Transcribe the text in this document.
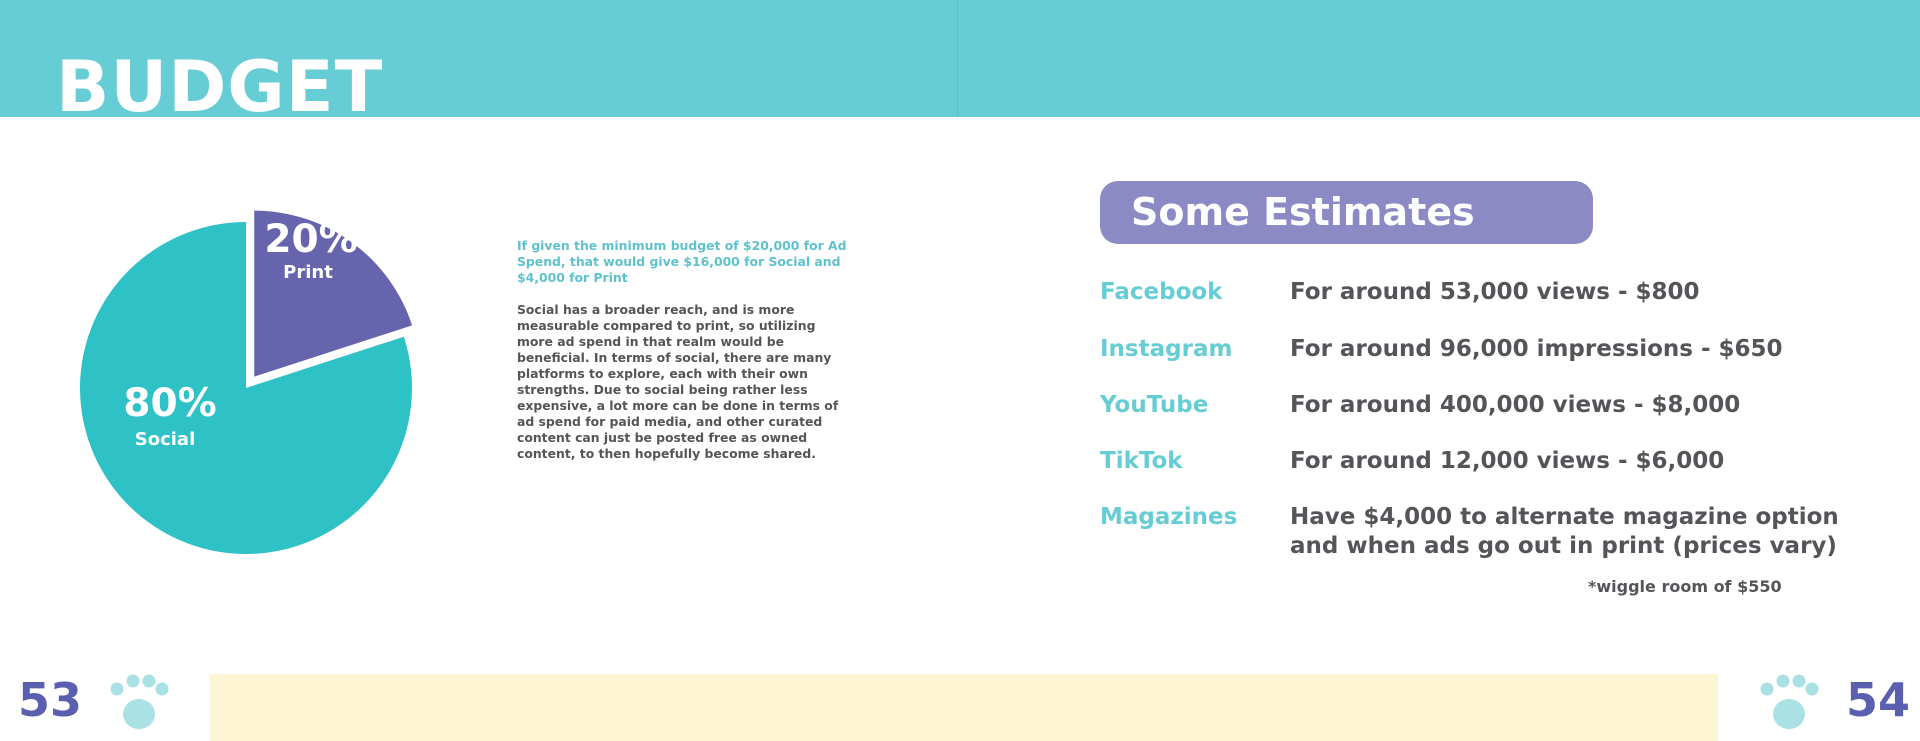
BUDGET
80%
Social
20%
Print

If given the minimum budget of $20,000 for Ad Spend, that would give $16,000 for Social and $4,000 for Print

Social has a broader reach, and is more measurable compared to print, so utilizing more ad spend in that realm would be beneficial. In terms of social, there are many platforms to explore, each with their own strengths. Due to social being rather less expensive, a lot more can be done in terms of ad spend for paid media, and other curated content can just be posted free as owned content, to then hopefully become shared.

Some Estimates
Facebook	For around 53,000 views - $800
Instagram	For around 96,000 impressions - $650
YouTube	For around 400,000 views - $8,000
TikTok	For around 12,000 views - $6,000
Magazines Have $4,000 to alternate magazine option
and when ads go out in print (prices vary)
*wiggle room of $550
53	54
